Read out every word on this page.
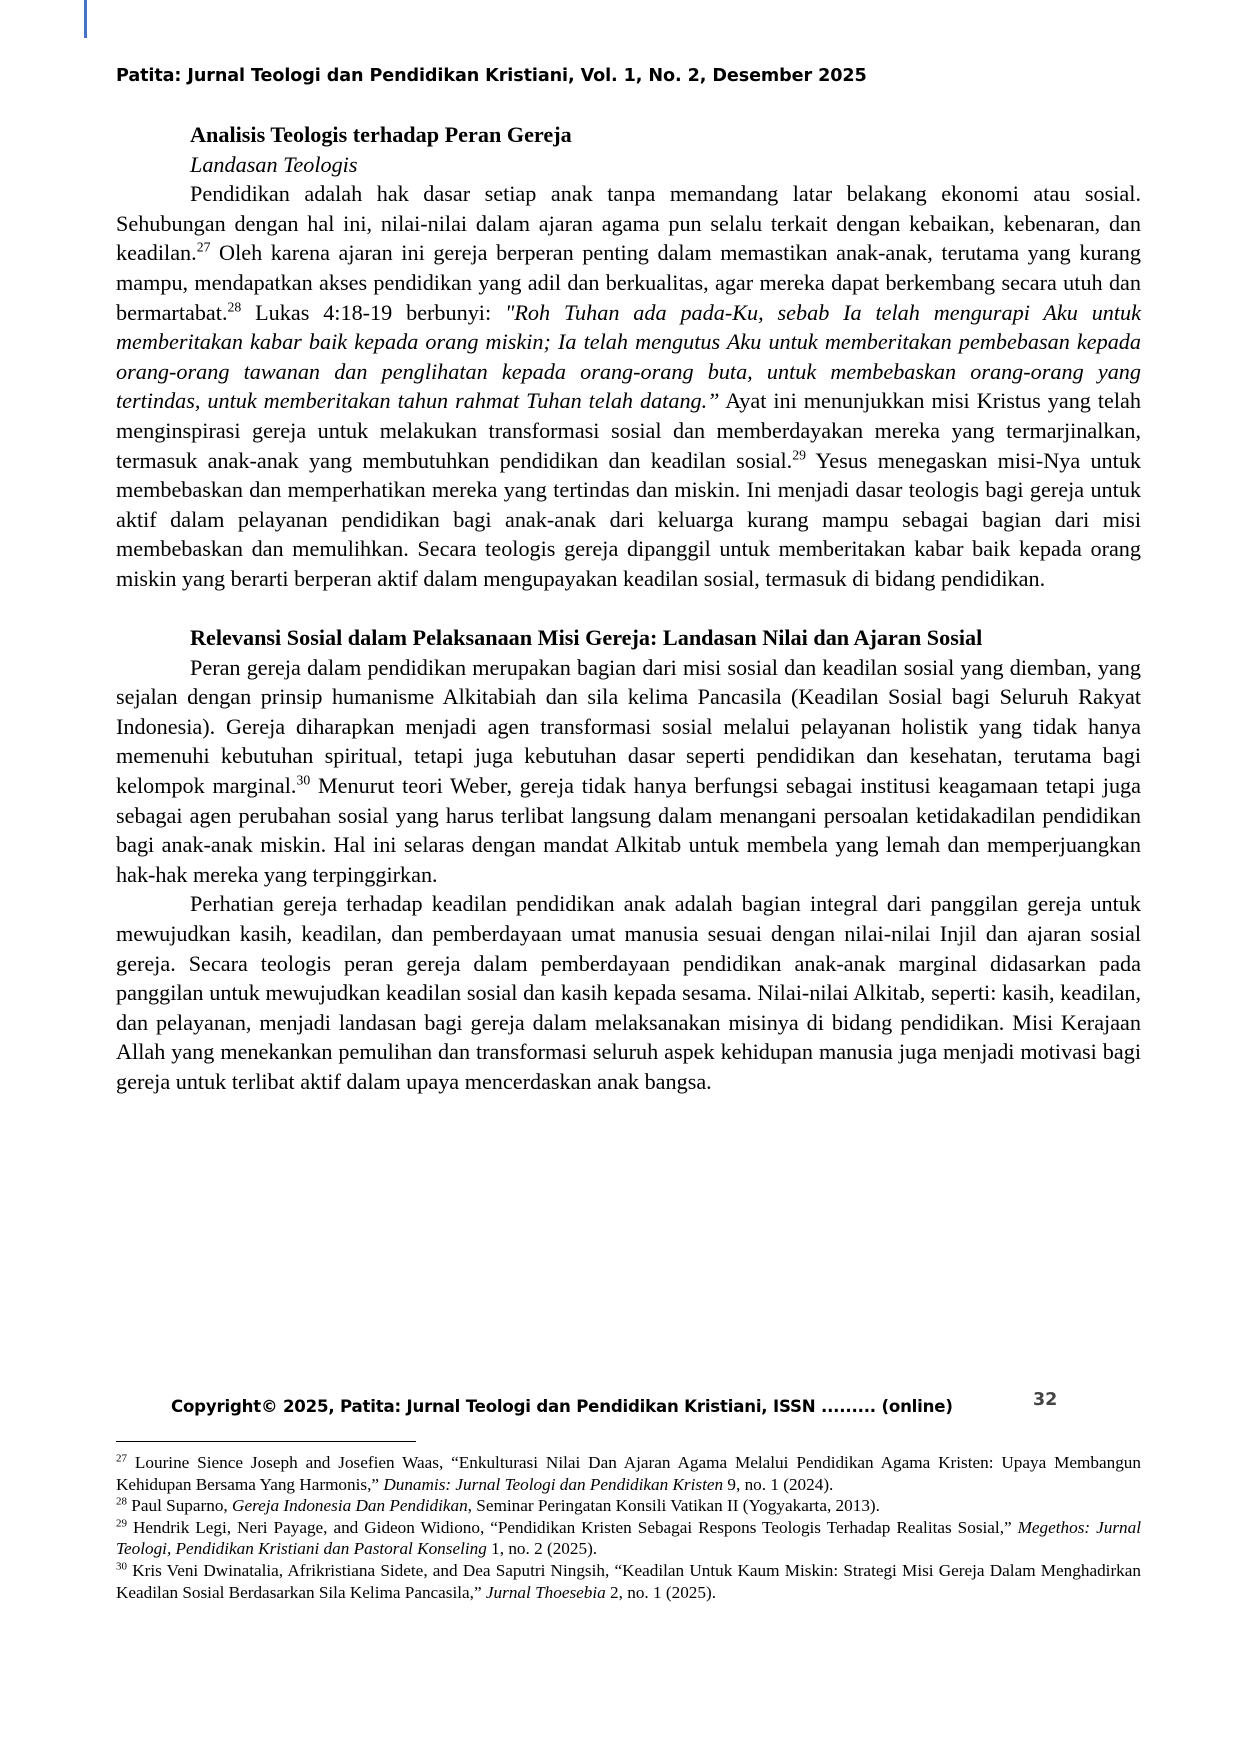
Patita: Jurnal Teologi dan Pendidikan Kristiani, Vol. 1, No. 2, Desember 2025

Analisis Teologis terhadap Peran Gereja

Landasan Teologis

Pendidikan adalah hak dasar setiap anak tanpa memandang latar belakang ekonomi atau sosial. Sehubungan dengan hal ini, nilai-nilai dalam ajaran agama pun selalu terkait dengan kebaikan, kebenaran, dan keadilan.$^{27}$ Oleh karena ajaran ini gereja berperan penting dalam memastikan anak-anak, terutama yang kurang mampu, mendapatkan akses pendidikan yang adil dan berkualitas, agar mereka dapat berkembang secara utuh dan bermartabat.$^{28}$ Lukas 4:18-19 berbunyi: "Roh Tuhan ada pada-Ku, sebab Ia telah mengurapi Aku untuk memberitakan kabar baik kepada orang miskin; Ia telah mengutus Aku untuk memberitakan pembebasan kepada orang-orang tawanan dan penglihatan kepada orang-orang buta, untuk membebaskan orang-orang yang tertindas, untuk memberitakan tahun rahmat Tuhan telah datang.” Ayat ini menunjukkan misi Kristus yang telah menginspirasi gereja untuk melakukan transformasi sosial dan memberdayakan mereka yang termarjinalkan, termasuk anak-anak yang membutuhkan pendidikan dan keadilan sosial.$^{29}$ Yesus menegaskan misi-Nya untuk membebaskan dan memperhatikan mereka yang tertindas dan miskin. Ini menjadi dasar teologis bagi gereja untuk aktif dalam pelayanan pendidikan bagi anak-anak dari keluarga kurang mampu sebagai bagian dari misi membebaskan dan memulihkan. Secara teologis gereja dipanggil untuk memberitakan kabar baik kepada orang miskin yang berarti berperan aktif dalam mengupayakan keadilan sosial, termasuk di bidang pendidikan.

Relevansi Sosial dalam Pelaksanaan Misi Gereja: Landasan Nilai dan Ajaran Sosial

Peran gereja dalam pendidikan merupakan bagian dari misi sosial dan keadilan sosial yang diemban, yang sejalan dengan prinsip humanisme Alkitabiah dan sila kelima Pancasila (Keadilan Sosial bagi Seluruh Rakyat Indonesia). Gereja diharapkan menjadi agen transformasi sosial melalui pelayanan holistik yang tidak hanya memenuhi kebutuhan spiritual, tetapi juga kebutuhan dasar seperti pendidikan dan kesehatan, terutama bagi kelompok marginal.$^{30}$ Menurut teori Weber, gereja tidak hanya berfungsi sebagai institusi keagamaan tetapi juga sebagai agen perubahan sosial yang harus terlibat langsung dalam menangani persoalan ketidakadilan pendidikan bagi anak-anak miskin. Hal ini selaras dengan mandat Alkitab untuk membela yang lemah dan memperjuangkan hak-hak mereka yang terpinggirkan.

Perhatian gereja terhadap keadilan pendidikan anak adalah bagian integral dari panggilan gereja untuk mewujudkan kasih, keadilan, dan pemberdayaan umat manusia sesuai dengan nilai-nilai Injil dan ajaran sosial gereja. Secara teologis peran gereja dalam pemberdayaan pendidikan anak-anak marginal didasarkan pada panggilan untuk mewujudkan keadilan sosial dan kasih kepada sesama. Nilai-nilai Alkitab, seperti: kasih, keadilan, dan pelayanan, menjadi landasan bagi gereja dalam melaksanakan misinya di bidang pendidikan. Misi Kerajaan Allah yang menekankan pemulihan dan transformasi seluruh aspek kehidupan manusia juga menjadi motivasi bagi gereja untuk terlibat aktif dalam upaya mencerdaskan anak bangsa.

Copyright© 2025, Patita: Jurnal Teologi dan Pendidikan Kristiani, ISSN ......... (online)	32

$^{27}$ Lourine Sience Joseph and Josefien Waas, “Enkulturasi Nilai Dan Ajaran Agama Melalui Pendidikan Agama Kristen: Upaya Membangun Kehidupan Bersama Yang Harmonis,” Dunamis: Jurnal Teologi dan Pendidikan Kristen 9, no. 1 (2024).

$^{28}$ Paul Suparno, Gereja Indonesia Dan Pendidikan, Seminar Peringatan Konsili Vatikan II (Yogyakarta, 2013).

$^{29}$ Hendrik Legi, Neri Payage, and Gideon Widiono, “Pendidikan Kristen Sebagai Respons Teologis Terhadap Realitas Sosial,” Megethos: Jurnal Teologi, Pendidikan Kristiani dan Pastoral Konseling 1, no. 2 (2025).

$^{30}$ Kris Veni Dwinatalia, Afrikristiana Sidete, and Dea Saputri Ningsih, “Keadilan Untuk Kaum Miskin: Strategi Misi Gereja Dalam Menghadirkan Keadilan Sosial Berdasarkan Sila Kelima Pancasila,” Jurnal Thoesebia 2, no. 1 (2025).
